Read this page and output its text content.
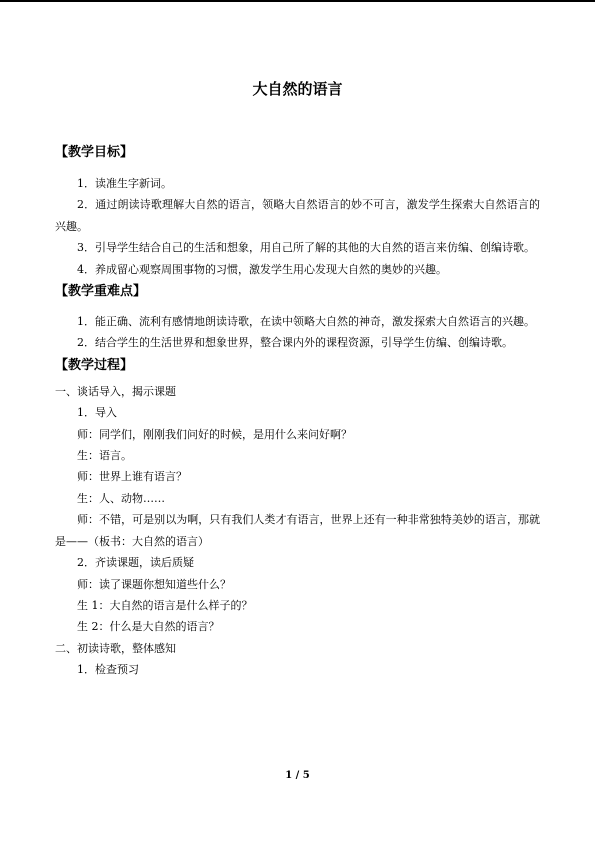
大自然的语言
【教学目标】

1．读准生字新词。

2．通过朗读诗歌理解大自然的语言，领略大自然语言的妙不可言，激发学生探索大自然语言的兴趣。

3．引导学生结合自己的生活和想象，用自己所了解的其他的大自然的语言来仿编、创编诗歌。

4．养成留心观察周围事物的习惯，激发学生用心发现大自然的奥妙的兴趣。

【教学重难点】

1．能正确、流利有感情地朗读诗歌，在读中领略大自然的神奇，激发探索大自然语言的兴趣。

2．结合学生的生活世界和想象世界，整合课内外的课程资源，引导学生仿编、创编诗歌。

【教学过程】

一、谈话导入，揭示课题

1．导入

师：同学们，刚刚我们问好的时候，是用什么来问好啊？

生：语言。

师：世界上谁有语言？

生：人、动物……

师：不错，可是别以为啊，只有我们人类才有语言，世界上还有一种非常独特美妙的语言，那就是——（板书：大自然的语言）

2．齐读课题，读后质疑

师：读了课题你想知道些什么？

生 1：大自然的语言是什么样子的？

生 2：什么是大自然的语言？

二、初读诗歌，整体感知

1．检查预习

1 / 5
